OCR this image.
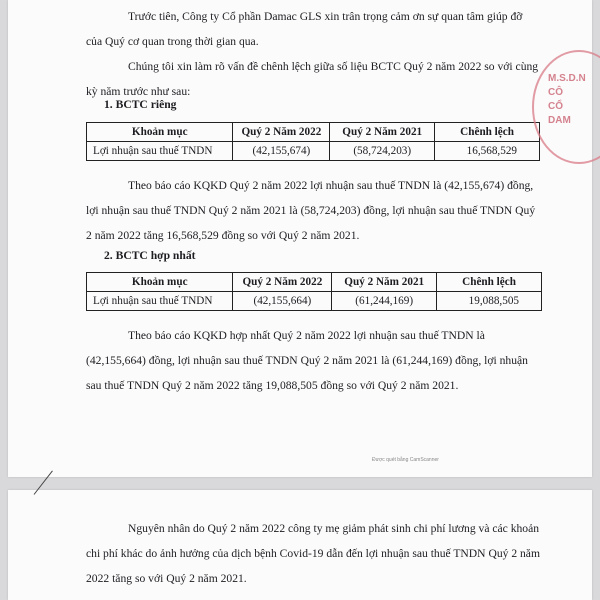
Trước tiên, Công ty Cổ phần Damac GLS xin trân trọng cảm ơn sự quan tâm giúp đỡ của Quý cơ quan trong thời gian qua.

Chúng tôi xin làm rõ vấn đề chênh lệch giữa số liệu BCTC Quý 2 năm 2022 so với cùng kỳ năm trước như sau:

1. BCTC riêng
Khoản mục	Quý 2 Năm 2022	Quý 2 Năm 2021	Chênh lệch
Lợi nhuận sau thuế TNDN	(42,155,674)	(58,724,203)	16,568,529

Theo báo cáo KQKD Quý 2 năm 2022 lợi nhuận sau thuế TNDN là (42,155,674) đồng, lợi nhuận sau thuế TNDN Quý 2 năm 2021 là (58,724,203) đồng, lợi nhuận sau thuế TNDN Quý 2 năm 2022 tăng 16,568,529 đồng so với Quý 2 năm 2021.

2. BCTC hợp nhất
Khoản mục	Quý 2 Năm 2022	Quý 2 Năm 2021	Chênh lệch
Lợi nhuận sau thuế TNDN	(42,155,664)	(61,244,169)	19,088,505

Theo báo cáo KQKD hợp nhất Quý 2 năm 2022 lợi nhuận sau thuế TNDN là (42,155,664) đồng, lợi nhuận sau thuế TNDN Quý 2 năm 2021 là (61,244,169) đồng, lợi nhuận sau thuế TNDN Quý 2 năm 2022 tăng 19,088,505 đồng so với Quý 2 năm 2021.

M.S.D.N
CÔ
CỔ
DAM
Được quét bằng CamScanner

Nguyên nhân do Quý 2 năm 2022 công ty mẹ giảm phát sinh chi phí lương và các khoản chi phí khác do ảnh hưởng của dịch bệnh Covid-19 dẫn đến lợi nhuận sau thuế TNDN Quý 2 năm 2022 tăng so với Quý 2 năm 2021.
